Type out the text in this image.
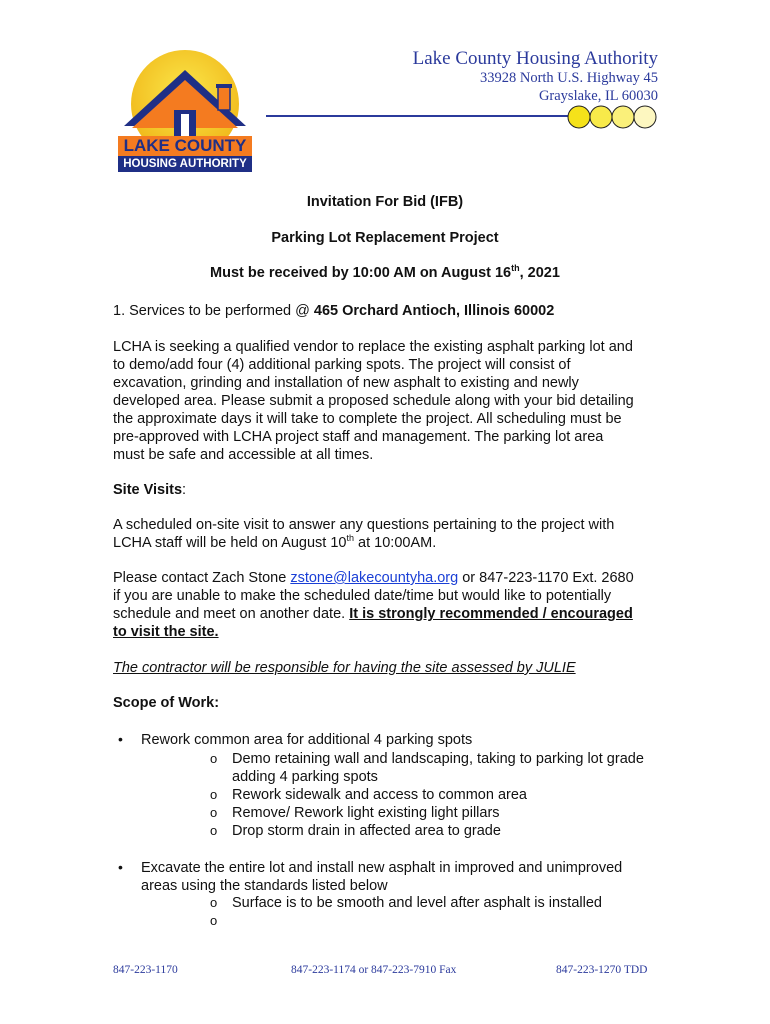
LAKE COUNTY
HOUSING AUTHORITY
Lake County Housing Authority
33928 North U.S. Highway 45
Grayslake, IL 60030
Invitation For Bid (IFB)
Parking Lot Replacement Project
Must be received by 10:00 AM on August 16th, 2021
1. Services to be performed @ 465 Orchard Antioch, Illinois 60002
LCHA is seeking a qualified vendor to replace the existing asphalt parking lot and
to demo/add four (4) additional parking spots. The project will consist of
excavation, grinding and installation of new asphalt to existing and newly
developed area. Please submit a proposed schedule along with your bid detailing
the approximate days it will take to complete the project. All scheduling must be
pre-approved with LCHA project staff and management. The parking lot area
must be safe and accessible at all times.
Site Visits:
A scheduled on-site visit to answer any questions pertaining to the project with
LCHA staff will be held on August 10th at 10:00AM.
Please contact Zach Stone zstone@lakecountyha.org or 847-223-1170 Ext. 2680
if you are unable to make the scheduled date/time but would like to potentially
schedule and meet on another date. It is strongly recommended / encouraged
to visit the site.
The contractor will be responsible for having the site assessed by JULIE
Scope of Work:
• Rework common area for additional 4 parking spots
o Demo retaining wall and landscaping, taking to parking lot grade
adding 4 parking spots
o Rework sidewalk and access to common area
o Remove/ Rework light existing light pillars
o Drop storm drain in affected area to grade
• Excavate the entire lot and install new asphalt in improved and unimproved
areas using the standards listed below
o Surface is to be smooth and level after asphalt is installed
o
847-223-1170	847-223-1174 or 847-223-7910 Fax	847-223-1270 TDD
